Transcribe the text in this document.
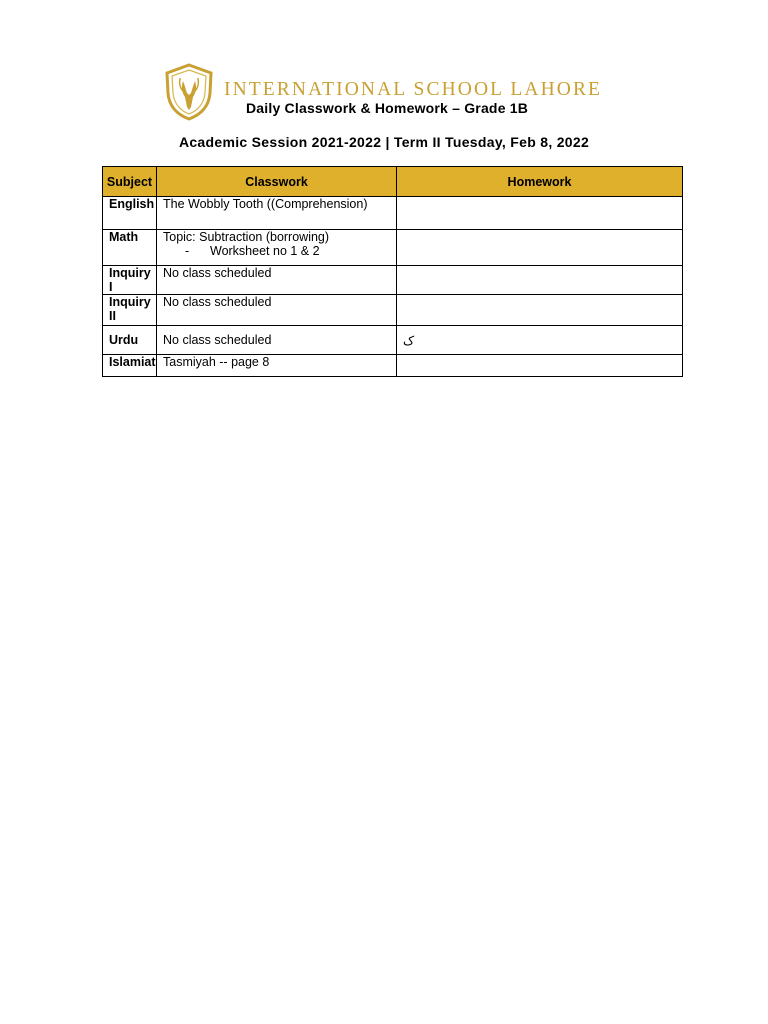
INTERNATIONAL SCHOOL LAHORE
Daily Classwork & Homework – Grade 1B
Academic Session 2021-2022 | Term II Tuesday, Feb 8, 2022
Subject	Classwork	Homework
English	The Wobbly Tooth ((Comprehension)	
Math	Topic: Subtraction (borrowing)
-      Worksheet no 1 & 2	

Inquiry I	No class scheduled	
Inquiry II	No class scheduled	
Urdu	No class scheduled	ک
Islamiat	Tasmiyah -- page 8	
